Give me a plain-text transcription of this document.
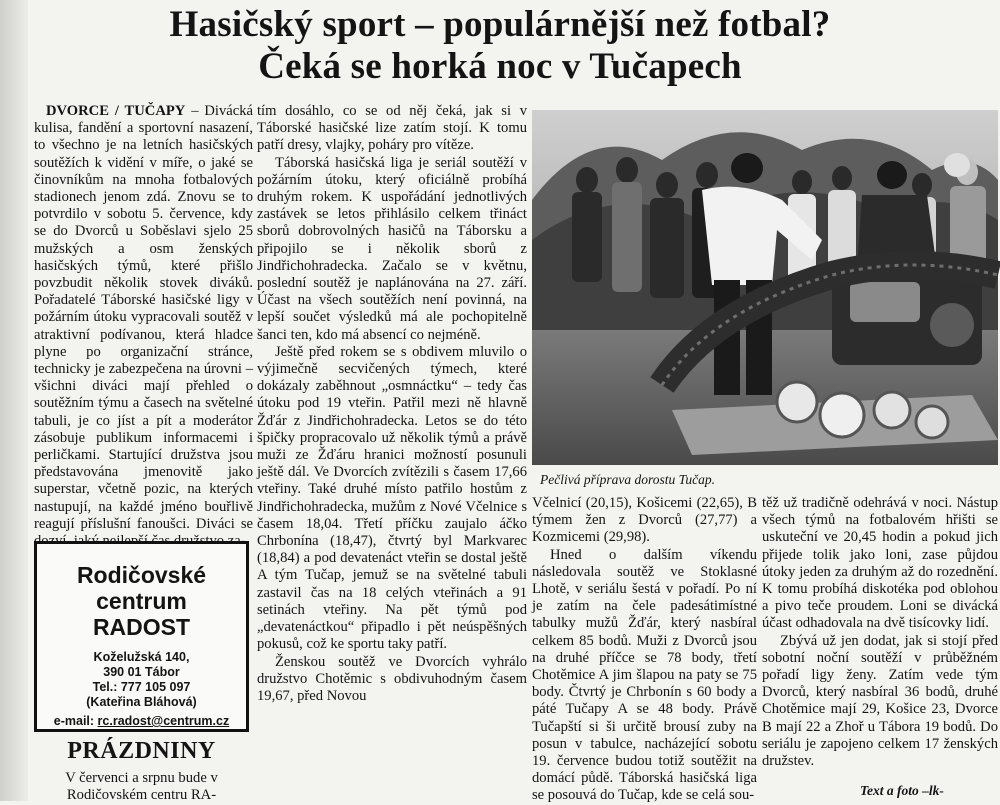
Hasičský sport – populárnější než fotbal?
Čeká se horká noc v Tučapech

DVORCE / TUČAPY – Divácká kulisa, fandění a sportovní nasazení, to všechno je na letních hasičských soutěžích k vidění v míře, o jaké se činovníkům na mnoha fotbalových stadionech jenom zdá. Znovu se to potvrdilo v sobotu 5. července, kdy se do Dvorců u Soběslavi sjelo 25 mužských a osm ženských hasičských týmů, které přišlo povzbudit několik stovek diváků. Pořadatelé Táborské hasičské ligy v požárním útoku vypracovali soutěž v atraktivní podívanou, která hladce plyne po organizační stránce, technicky je zabezpečena na úrovni – všichni diváci mají přehled o soutěžním týmu a časech na světelné tabuli, je co jíst a pít a moderátor zásobuje publikum informacemi i perličkami. Startující družstva jsou představována jmenovitě jako superstar, včetně pozic, na kterých nastupují, na každé jméno bouřlivě reagují příslušní fanoušci. Diváci se

tím dosáhlo, co se od něj čeká, jak si v Táborské hasičské lize zatím stojí. K tomu patří dresy, vlajky, poháry pro vítěze.

Táborská hasičská liga je seriál soutěží v požárním útoku, který oficiálně probíhá druhým rokem. K uspořádání jednotlivých zastávek se letos přihlásilo celkem třináct sborů dobrovolných hasičů na Táborsku a připojilo se i několik sborů z Jindřichohradecka. Začalo se v květnu, poslední soutěž je naplánována na 27. září. Účast na všech soutěžích není povinná, na lepší součet výsledků má ale pochopitelně šanci ten, kdo má absencí co nejméně.

Ještě před rokem se s obdivem mluvilo o výjimečně secvičených týmech, které dokázaly zaběhnout „osmnáctku“ – tedy čas útoku pod 19 vteřin. Patřil mezi ně hlavně Žďár z Jindřichohradecka. Letos se do této špičky propracovalo už několik týmů a právě muži ze Žďáru hranici možností posunuli ještě dál. Ve Dvorcích zvítězili s časem 17,66 vteřiny. Také druhé místo patřilo hostům z Jindřichohradecka, mužům z Nové Včelnice s časem 18,04. Třetí příčku zaujalo áčko Chrbonína (18,47), čtvrtý byl Markvarec (18,84) a pod devatenáct vteřin se dostal ještě A tým Tučap, jemuž se na světelné tabuli zastavil čas na 18 celých vteřinách a 91 setinách vteřiny. Na pět týmů pod „devatenáctkou“ připadlo i pět neúspěšných pokusů, což ke sportu taky patří.

Ženskou soutěž ve Dvorcích vyhrálo družstvo Chotěmic s obdivuhodným časem 19,67, před Novou

Pečlivá příprava dorostu Tučap.

Včelnicí (20,15), Košicemi (22,65), B týmem žen z Dvorců (27,77) a Kozmicemi (29,98).

Hned o dalším víkendu následovala soutěž ve Stoklasné Lhotě, v seriálu šestá v pořadí. Po ní je zatím na čele padesátimístné tabulky mužů Žďár, který nasbíral celkem 85 bodů. Muži z Dvorců jsou na druhé příčce se 78 body, třetí Chotěmice A jim šlapou na paty se 75 body. Čtvrtý je Chrbonín s 60 body a páté Tučapy A se 48 body. Právě Tučapští si ši určitě brousí zuby na posun v tabulce, nacházející sobotu 19. července budou totiž soutěžit na domácí půdě. Táborská hasičská liga se posouvá do Tučap, kde se celá sou-

těž už tradičně odehrává v noci. Nástup všech týmů na fotbalovém hřišti se uskuteční ve 20,45 hodin a pokud jich přijede tolik jako loni, zase půjdou útoky jeden za druhým až do rozednění. K tomu probíhá diskotéka pod oblohou a pivo teče proudem. Loni se divácká účast odhadovala na dvě tisícovky lidí.

Zbývá už jen dodat, jak si stojí před sobotní noční soutěží v průběžném pořadí ligy ženy. Zatím vede tým Dvorců, který nasbíral 36 bodů, druhé Chotěmice mají 29, Košice 23, Dvorce B mají 22 a Zhoř u Tábora 19 bodů. Do seriálu je zapojeno celkem 17 ženských družstev.

Text a foto –lk-
Rodičovské
centrum
RADOST
Koželužská 140,
390 01 Tábor
Tel.: 777 105 097
(Kateřina Bláhová)
e-mail: rc.radost@centrum.cz
PRÁZDNINY

V červenci a srpnu bude v Rodičovském centru RA-
